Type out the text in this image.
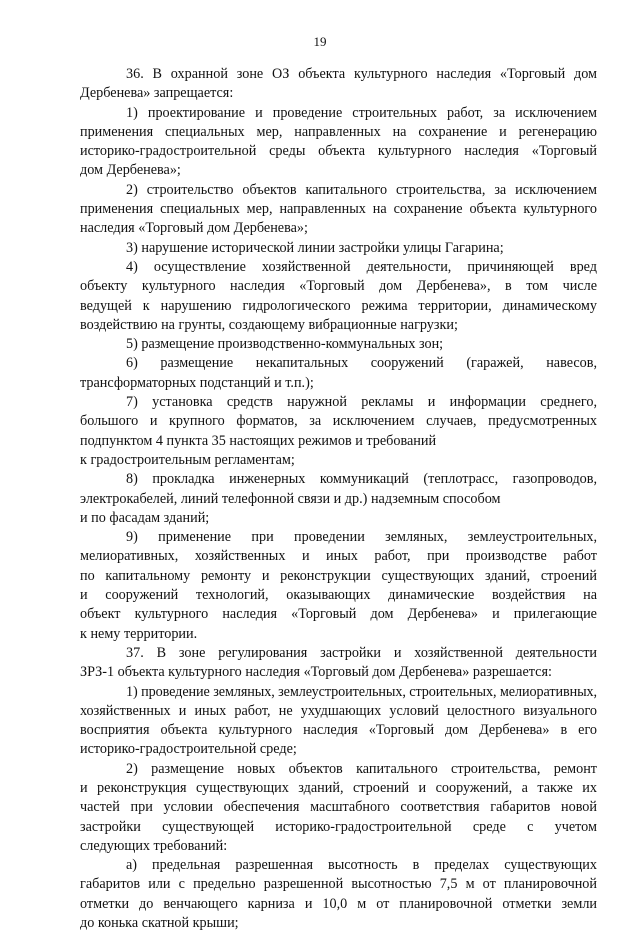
19
36. В охранной зоне ОЗ объекта культурного наследия «Торговый дом
Дербенева» запрещается:
1) проектирование и проведение строительных работ, за исключением
применения специальных мер, направленных на сохранение и регенерацию
историко-градостроительной среды объекта культурного наследия «Торговый
дом Дербенева»;
2) строительство объектов капитального строительства, за исключением
применения специальных мер, направленных на сохранение объекта культурного
наследия «Торговый дом Дербенева»;
3) нарушение исторической линии застройки улицы Гагарина;
4) осуществление хозяйственной деятельности, причиняющей вред
объекту культурного наследия «Торговый дом Дербенева», в том числе
ведущей к нарушению гидрологического режима территории, динамическому
воздействию на грунты, создающему вибрационные нагрузки;
5) размещение производственно-коммунальных зон;
6) размещение некапитальных сооружений (гаражей, навесов,
трансформаторных подстанций и т.п.);
7) установка средств наружной рекламы и информации среднего,
большого и крупного форматов, за исключением случаев, предусмотренных
подпунктом 4 пункта 35 настоящих режимов и требований
к градостроительным регламентам;
8) прокладка инженерных коммуникаций (теплотрасс, газопроводов,
электрокабелей, линий телефонной связи и др.) надземным способом
и по фасадам зданий;
9) применение при проведении земляных, землеустроительных,
мелиоративных, хозяйственных и иных работ, при производстве работ
по капитальному ремонту и реконструкции существующих зданий, строений
и сооружений технологий, оказывающих динамические воздействия на
объект культурного наследия «Торговый дом Дербенева» и прилегающие
к нему территории.
37. В зоне регулирования застройки и хозяйственной деятельности
ЗРЗ-1 объекта культурного наследия «Торговый дом Дербенева» разрешается:
1) проведение земляных, землеустроительных, строительных, мелиоративных,
хозяйственных и иных работ, не ухудшающих условий целостного визуального
восприятия объекта культурного наследия «Торговый дом Дербенева» в его
историко-градостроительной среде;
2) размещение новых объектов капитального строительства, ремонт
и реконструкция существующих зданий, строений и сооружений, а также их
частей при условии обеспечения масштабного соответствия габаритов новой
застройки существующей историко-градостроительной среде с учетом
следующих требований:
а) предельная разрешенная высотность в пределах существующих
габаритов или с предельно разрешенной высотностью 7,5 м от планировочной
отметки до венчающего карниза и 10,0 м от планировочной отметки земли
до конька скатной крыши;
